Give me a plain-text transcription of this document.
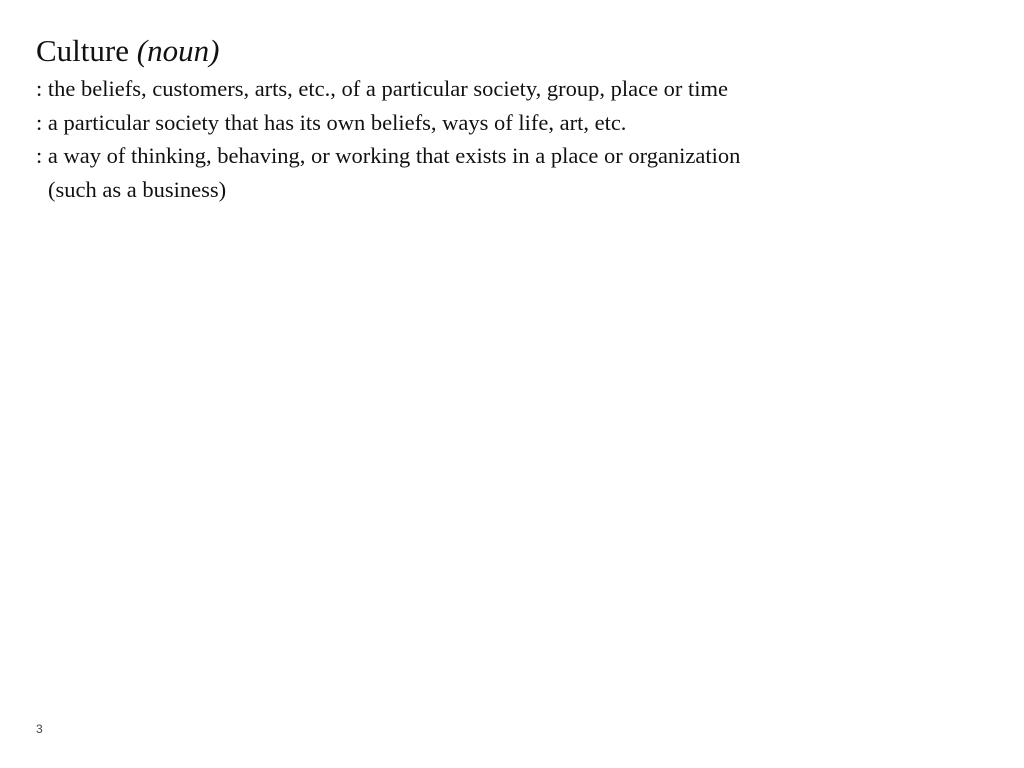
Culture (noun)

: the beliefs, customers, arts, etc., of a particular society, group, place or time

: a particular society that has its own beliefs, ways of life, art, etc.

: a way of thinking, behaving, or working that exists in a place or organization

(such as a business)

3
